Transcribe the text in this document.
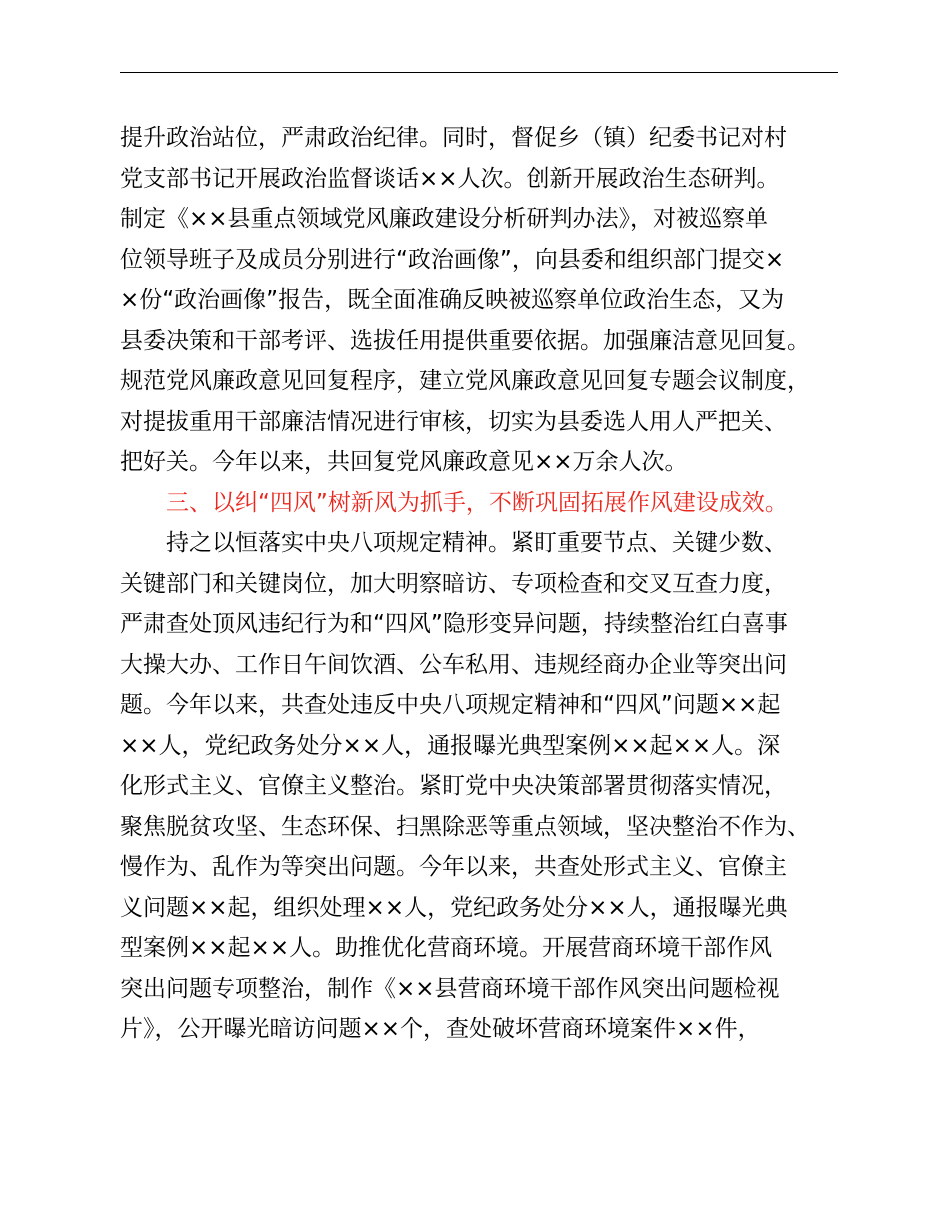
提升政治站位，严肃政治纪律。同时，督促乡（镇）纪委书记对村
党支部书记开展政治监督谈话××人次。创新开展政治生态研判。
制定《××县重点领域党风廉政建设分析研判办法》，对被巡察单
位领导班子及成员分别进行“政治画像”，向县委和组织部门提交×
×份“政治画像”报告，既全面准确反映被巡察单位政治生态，又为
县委决策和干部考评、选拔任用提供重要依据。加强廉洁意见回复。
规范党风廉政意见回复程序，建立党风廉政意见回复专题会议制度，
对提拔重用干部廉洁情况进行审核，切实为县委选人用人严把关、
把好关。今年以来，共回复党风廉政意见××万余人次。
三、以纠“四风”树新风为抓手，不断巩固拓展作风建设成效。
持之以恒落实中央八项规定精神。紧盯重要节点、关键少数、
关键部门和关键岗位，加大明察暗访、专项检查和交叉互查力度，
严肃查处顶风违纪行为和“四风”隐形变异问题，持续整治红白喜事
大操大办、工作日午间饮酒、公车私用、违规经商办企业等突出问
题。今年以来，共查处违反中央八项规定精神和“四风”问题××起
××人，党纪政务处分××人，通报曝光典型案例××起××人。深
化形式主义、官僚主义整治。紧盯党中央决策部署贯彻落实情况，
聚焦脱贫攻坚、生态环保、扫黑除恶等重点领域，坚决整治不作为、
慢作为、乱作为等突出问题。今年以来，共查处形式主义、官僚主
义问题××起，组织处理××人，党纪政务处分××人，通报曝光典
型案例××起××人。助推优化营商环境。开展营商环境干部作风
突出问题专项整治，制作《××县营商环境干部作风突出问题检视
片》，公开曝光暗访问题××个，查处破坏营商环境案件××件，
